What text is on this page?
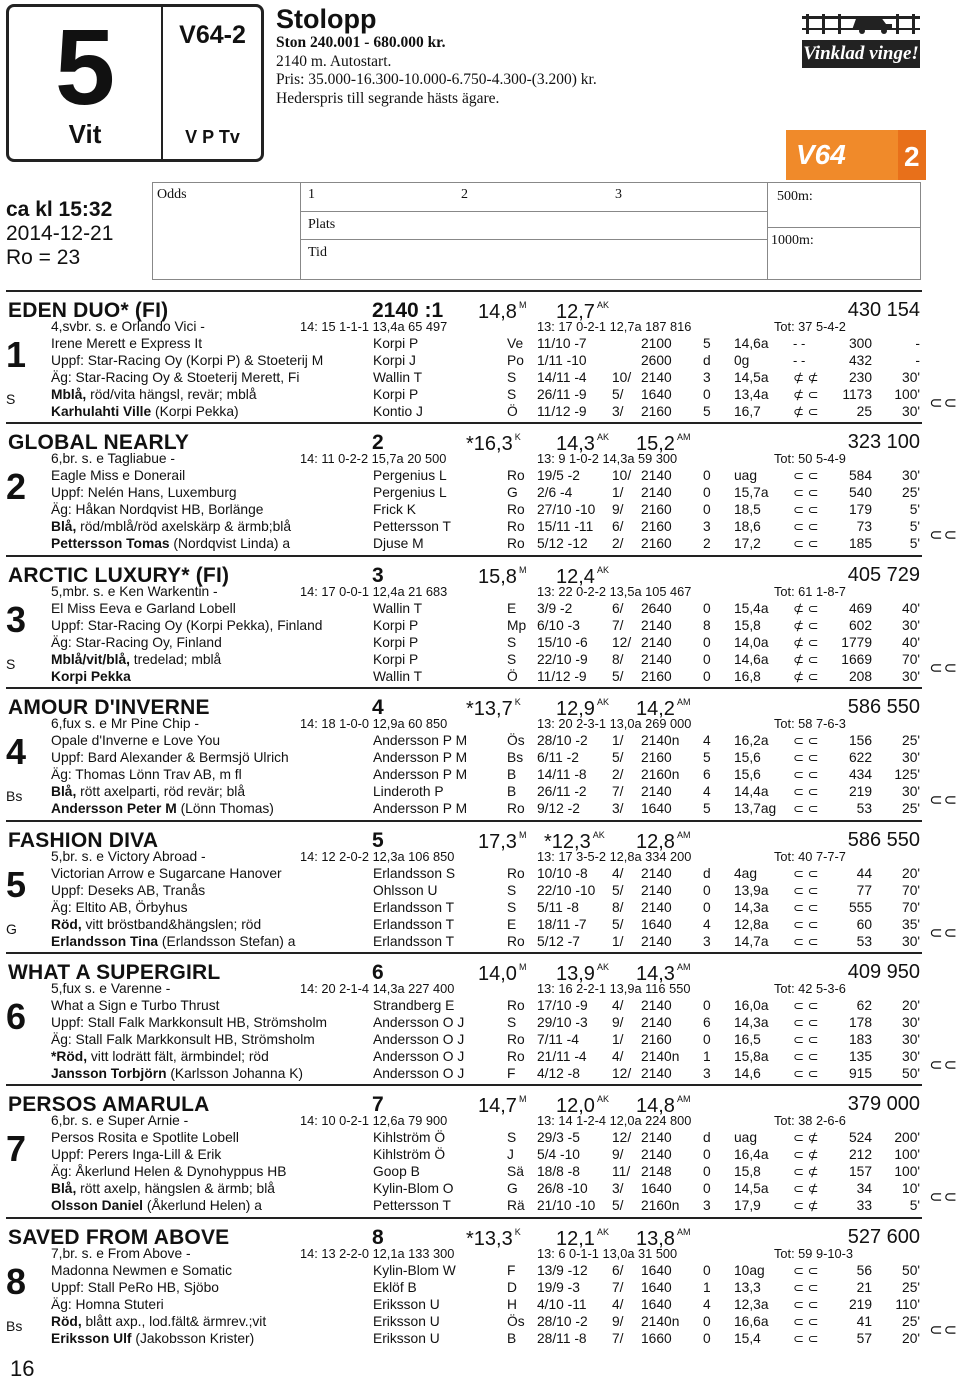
5
Vit
V64-2
V P Tv
Stolopp
Ston 240.001 - 680.000 kr.
2140 m. Autostart.
Pris: 35.000-16.300-10.000-6.750-4.300-(3.200) kr.
Hederspris till segrande hästs ägare.
Vinklad vinge!
V64 2
ca kl 15:32
2014-12-21
Ro = 23
Odds	1	2	3
Plats
Tid
500m:
1000m:
EDEN DUO* (FI)	2140 :1 14,8 $^M$ 12,7 $^{AK}$	430 154
1
S
4,svbr. s. e Orlando Vici -	14: 15 1-1-1 13,4a 65 497	13: 17 0-2-1 12,7a 187 816	Tot: 37 5-4-2
Irene Merett e Express It	Korpi P	Ve 11/10 -7	2100 5 14,6a - -	300	-
Uppf: Star-Racing Oy (Korpi P) & Stoeterij M	Korpi J	Po 1/11 -10	2600 d 0g	- -	432	-
Äg: Star-Racing Oy & Stoeterij Merett, Fi	Wallin T	S 14/11 -4 10/ 2140 3 14,5a ⊄ ⊄	230	30'
Mblå, röd/vita hängsl, revär; mblå	Korpi P	S 26/11 -9 5/ 1640 0 13,4a ⊄ ⊂	1173	100'
Karhulahti Ville (Korpi Pekka)	Kontio J	Ö 11/12 -9 3/ 2160 5 16,7 ⊄ ⊂	25	30' ⊂⊂
GLOBAL NEARLY	2	*16,3 $^K$ 14,3 $^{AK}$ 15,2 $^{AM}$	323 100
2
6,br. s. e Tagliabue -	14: 11 0-2-2 15,7a 20 500	13: 9 1-0-2 14,3a 59 300	Tot: 50 5-4-9
Eagle Miss e Donerail	Pergenius L	Ro 19/5 -2 10/ 2140 0 uag	⊂ ⊂	584	30'
Uppf: Nelén Hans, Luxemburg	Pergenius L	G 2/6 -4	1/ 2140 0 15,7a ⊂ ⊂	540	25'
Äg: Håkan Nordqvist HB, Borlänge	Frick K	Ro 27/10 -10 9/ 2160 0 18,5 ⊂ ⊂	179	5'
Blå, röd/mblå/röd axelskärp & ärmb;blå	Pettersson T	Ro 15/11 -11 6/ 2160 3 18,6 ⊂ ⊂	73	5'
Pettersson Tomas (Nordqvist Linda) a	Djuse M	Ro 5/12 -12 2/ 2160 2 17,2 ⊂ ⊂	185	5' ⊂⊂
ARCTIC LUXURY* (FI)	3	15,8 $^M$ 12,4 $^{AK}$	405 729
3
S
5,mbr. s. e Ken Warkentin -	14: 17 0-0-1 12,4a 21 683	13: 22 0-2-2 13,5a 105 467	Tot: 61 1-8-7
El Miss Eeva e Garland Lobell	Wallin T	E 3/9 -2	6/ 2640 0 15,4a ⊄ ⊂	469	40'
Uppf: Star-Racing Oy (Korpi Pekka), Finland	Korpi P	Mp 6/10 -3 7/ 2140 8 15,8 ⊄ ⊂	602	30'
Äg: Star-Racing Oy, Finland	Korpi P	S 15/10 -6 12/ 2140 0 14,0a ⊄ ⊂	1779	40'
Mblå/vit/blå, tredelad; mblå	Korpi P	S 22/10 -9 8/ 2140 0 14,6a ⊄ ⊂	1669	70'
Korpi Pekka	Wallin T	Ö 11/12 -9 5/ 2160 0 16,8 ⊄ ⊂	208	30' ⊂⊂
AMOUR D'INVERNE	4	*13,7 $^K$ 12,9 $^{AK}$ 14,2 $^{AM}$	586 550
4
Bs
6,fux s. e Mr Pine Chip -	14: 18 1-0-0 12,9a 60 850	13: 20 2-3-1 13,0a 269 000	Tot: 58 7-6-3
Opale d'Inverne e Love You	Andersson P M	Ös 28/10 -2 1/ 2140n 4 16,2a ⊂ ⊂	156	25'
Uppf: Bard Alexander & Bermsjö Ulrich	Andersson P M	Bs 6/11 -2 5/ 2160 5 15,6 ⊂ ⊂	622	30'
Äg: Thomas Lönn Trav AB, m fl	Andersson P M	B 14/11 -8 2/ 2160n 6 15,6 ⊂ ⊂	434	125'
Blå, rött axelparti, röd revär; blå	Linderoth P	B 26/11 -2 7/ 2140 4 14,4a ⊂ ⊂	219	30'
Andersson Peter M (Lönn Thomas)	Andersson P M	Ro 9/12 -2 3/ 1640 5 13,7ag ⊂ ⊂	53	25' ⊂⊂
FASHION DIVA	5	17,3 $^M$ *12,3 $^{AK}$ 12,8 $^{AM}$	586 550
5
G
5,br. s. e Victory Abroad -	14: 12 2-0-2 12,3a 106 850	13: 17 3-5-2 12,8a 334 200	Tot: 40 7-7-7
Victorian Arrow e Sugarcane Hanover	Erlandsson S	Ro 10/10 -8 4/ 2140 d 4ag	⊂ ⊂	44	20'
Uppf: Deseks AB, Tranås	Ohlsson U	S 22/10 -10 5/ 2140 0 13,9a ⊂ ⊂	77	70'
Äg: Eltito AB, Örbyhus	Erlandsson T	S 5/11 -8 8/ 2140 0 14,3a ⊂ ⊂	555	70'
Röd, vitt bröstband&hängslen; röd	Erlandsson T	E 18/11 -7 5/ 1640 4 12,8a ⊂ ⊂	60	35'
Erlandsson Tina (Erlandsson Stefan) a	Erlandsson T	Ro 5/12 -7 1/ 2140 3 14,7a ⊂ ⊂	53	30' ⊂⊂
WHAT A SUPERGIRL	6	14,0 $^M$ 13,9 $^{AK}$ 14,3 $^{AM}$	409 950
6
5,fux s. e Varenne -	14: 20 2-1-4 14,3a 227 400	13: 16 2-2-1 13,9a 116 550	Tot: 42 5-3-6
What a Sign e Turbo Thrust	Strandberg E	Ro 17/10 -9 4/ 2140 0 16,0a ⊂ ⊂	62	20'
Uppf: Stall Falk Markkonsult HB, Strömsholm	Andersson O J	S 29/10 -3 9/ 2140 6 14,3a ⊂ ⊂	178	30'
Äg: Stall Falk Markkonsult HB, Strömsholm	Andersson O J	Ro 7/11 -4 1/ 2160 0 16,5 ⊂ ⊂	183	30'
*Röd, vitt lodrätt fält, ärmbindel; röd	Andersson O J	Ro 21/11 -4 4/ 2140n 1 15,8a ⊂ ⊂	135	30'
Jansson Torbjörn (Karlsson Johanna K)	Andersson O J	F 4/12 -8 12/ 2140 3 14,6 ⊂ ⊂	915	50' ⊂⊂
PERSOS AMARULA	7	14,7 $^M$ 12,0 $^{AK}$ 14,8 $^{AM}$	379 000
7
6,br. s. e Super Arnie -	14: 10 0-2-1 12,6a 79 900	13: 14 1-2-4 12,0a 224 800	Tot: 38 2-6-6
Persos Rosita e Spotlite Lobell	Kihlström Ö	S 29/3 -5 12/ 2140 d uag	⊂ ⊄	524	200'
Uppf: Perers Inga-Lill & Erik	Kihlström Ö	J 5/4 -10 9/ 2140 0 16,4a ⊂ ⊄	212	100'
Äg: Åkerlund Helen & Dynohyppus HB	Goop B	Sä 18/8 -8 11/ 2148 0 15,8 ⊂ ⊄	157	100'
Blå, rött axelp, hängslen & ärmb; blå	Kylin-Blom O	G 26/8 -10 3/ 1640 0 14,5a ⊂ ⊄	34	10'
Olsson Daniel (Åkerlund Helen) a	Pettersson T	Rä 21/10 -10 5/ 2160n 3 17,9 ⊂ ⊄	33	5' ⊂⊂
SAVED FROM ABOVE	8	*13,3 $^K$ 12,1 $^{AK}$ 13,8 $^{AM}$	527 600
8
Bs
7,br. s. e From Above -	14: 13 2-2-0 12,1a 133 300	13: 6 0-1-1 13,0a 31 500	Tot: 59 9-10-3
Madonna Newmen e Somatic	Kylin-Blom W	F 13/9 -12 6/ 1640 0 10ag ⊂ ⊂	56	50'
Uppf: Stall PeRo HB, Sjöbo	Eklöf B	D 19/9 -3 7/ 1640 1 13,3 ⊂ ⊂	21	25'
Äg: Homna Stuteri	Eriksson U	H 4/10 -11 4/ 1640 4 12,3a ⊂ ⊂	219	110'
Röd, blått axp., lod.fält& ärmrev.;vit	Eriksson U	Ös 28/10 -2 9/ 2140n 0 16,6a ⊂ ⊂	41	25'
Eriksson Ulf (Jakobsson Krister)	Eriksson U	B 28/11 -8 7/ 1660 0 15,4 ⊂ ⊂	57	20' ⊂⊂
16
